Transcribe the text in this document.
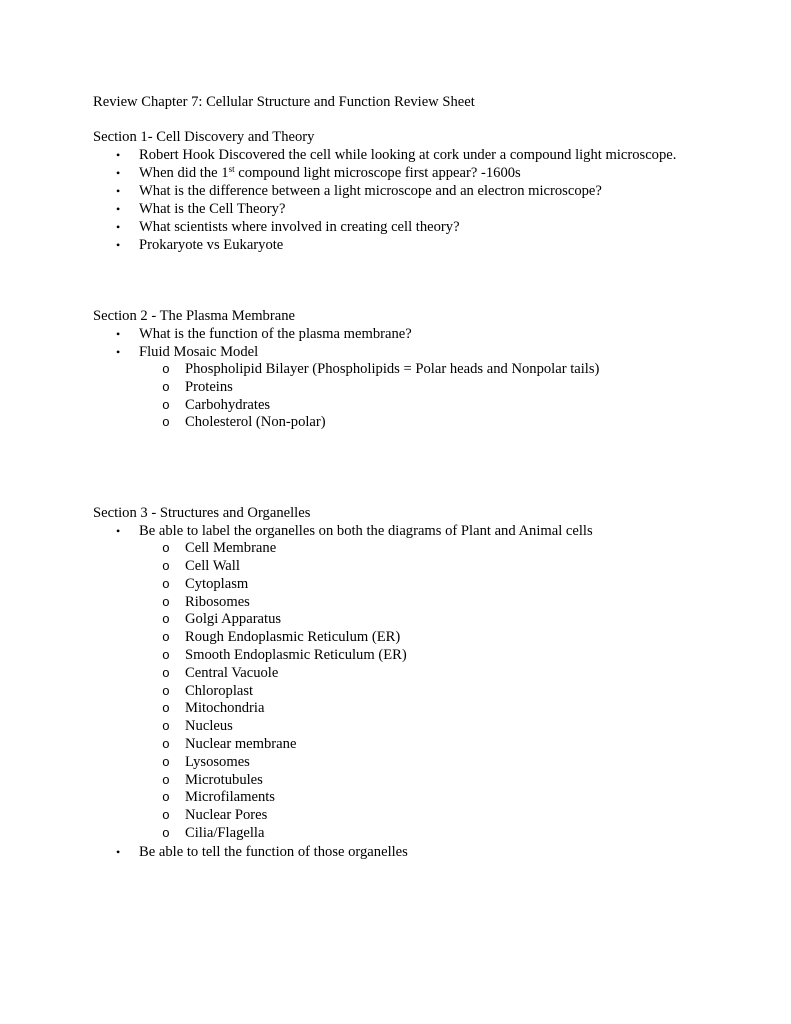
Review Chapter 7: Cellular Structure and Function Review Sheet
Section 1- Cell Discovery and Theory
• Robert Hook Discovered the cell while looking at cork under a compound light microscope.
• When did the 1st compound light microscope first appear? -1600s
• What is the difference between a light microscope and an electron microscope?
• What is the Cell Theory?
• What scientists where involved in creating cell theory?
• Prokaryote vs Eukaryote
Section 2 - The Plasma Membrane
• What is the function of the plasma membrane?
• Fluid Mosaic Model
o Phospholipid Bilayer (Phospholipids = Polar heads and Nonpolar tails)
o Proteins
o Carbohydrates
o Cholesterol (Non-polar)
Section 3 - Structures and Organelles
• Be able to label the organelles on both the diagrams of Plant and Animal cells
o Cell Membrane
o Cell Wall
o Cytoplasm
o Ribosomes
o Golgi Apparatus
o Rough Endoplasmic Reticulum (ER)
o Smooth Endoplasmic Reticulum (ER)
o Central Vacuole
o Chloroplast
o Mitochondria
o Nucleus
o Nuclear membrane
o Lysosomes
o Microtubules
o Microfilaments
o Nuclear Pores
o Cilia/Flagella
• Be able to tell the function of those organelles
